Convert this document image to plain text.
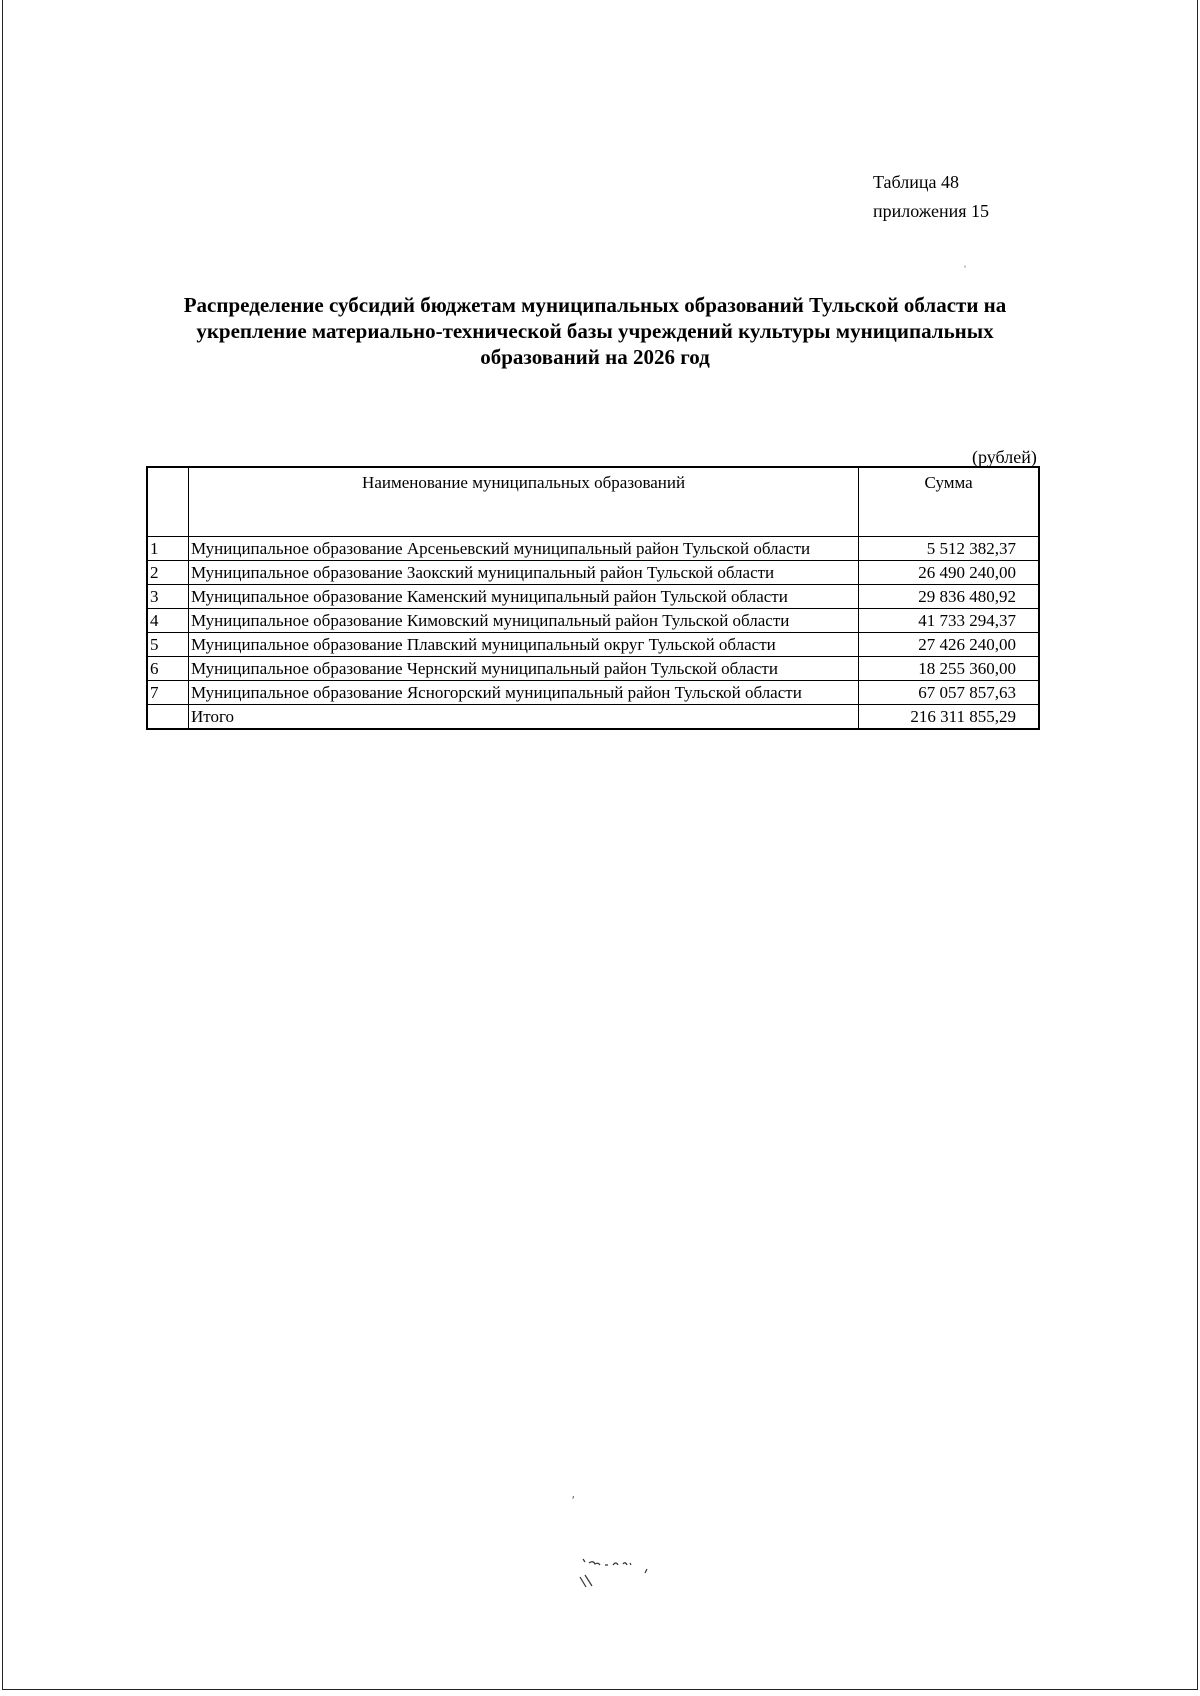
Таблица 48
приложения 15
ˌ
Распределение субсидий бюджетам муниципальных образований Тульской области на укрепление материально-технической базы учреждений культуры муниципальных образований на 2026 год
(рублей)
	Наименование муниципальных образований	Сумма
1	Муниципальное образование Арсеньевский муниципальный район Тульской области	5 512 382,37
2	Муниципальное образование Заокский муниципальный район Тульской области	26 490 240,00
3	Муниципальное образование Каменский муниципальный район Тульской области	29 836 480,92
4	Муниципальное образование Кимовский муниципальный район Тульской области	41 733 294,37
5	Муниципальное образование Плавский муниципальный округ Тульской области	27 426 240,00
6	Муниципальное образование Чернский муниципальный район Тульской области	18 255 360,00
7	Муниципальное образование Ясногорский муниципальный район Тульской области	67 057 857,63
	Итого	216 311 855,29
ʹ
